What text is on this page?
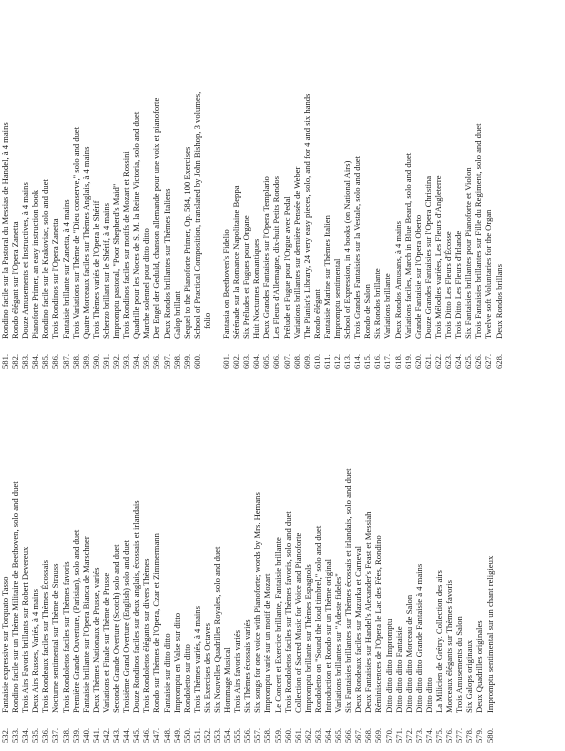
532.
Fantaisie expressive sur Torquato Tasso
533.
Rondino facile sur un Thème Militaire de Beethoven, solo and duet
534.
Trois Airs Favoris brillants sur Robert Devereux
535.
Deux Airs Russes, Variés, à 4 mains
536.
Trois Rondeaux faciles sur Thèmes Écossais
537.
Nocturne sentimental sur Thème de Strauss
538.
Trois Rondoletos faciles sur Thèmes favoris
539.
Première Grande Ouverture, (Parisian), solo and duet
540.
Fantaisie brillante sur l'Opera Bianca de Marschner
541.
Deux Thèmes Nationaux de Prusse, variés
542.
Variations et Finale sur Thème de Prusse
543.
Seconde Grande Overture (Scotch) solo and duet
544.
Troisième Grand Overture (English) solo and duet
545.
Douze Rondinos faciles sur deux anglais, écossais et irlandais
546.
Trois Rondoletos élégants sur divers Thèmes
547.
Rondo sur Thèmes de l'Opera, Czar et Zimmermann
548.
Fantaisie sur ditto ditto
549.
Impromptu en Valse sur ditto
550.
Rondoletto sur ditto
551.
Trois Thèmes variés, à 4 mains
552.
Six Exercises des Octaves
553.
Six Nouvelles Quadrilles Royales, solo and duet
554.
Hommage Musical
555.
Trois Airs favoris variés
556.
Six Thèmes écossais variés
557.
Six songs for one voice with Pianoforte; words by Mrs. Hemans
558.
Impromptu varié sur un motif de Mozart
559.
Le Concert et Exercice brillante, Fantaisie brillante
560.
Trois Rondoletos faciles sur Thèmes favoris, solo and duet
561.
Collection of Sacred Music for Voice and Pianoforte
562.
Impromptu brillante sur Thèmes Espagnols
563.
Rondoletto on "Sound the loud timbrel," solo and duet
564.
Introduction et Rondo sur un Thème original
565.
Variations brillantes sur "Adeste fideles"
566.
Six Fantaisies brillantes sur Thèmes écossais et irlandais, solo and duet
567.
Deux Rondeaux faciles sur Mazurka et Carneval
568.
Deux Fantaisies sur Handel's Alexander's Feast et Messiah
569.
Réminiscences de l'Opera le Lac des Fées, Rondino
570.
Ditto ditto ditto Impromptu
571.
Ditto ditto ditto Fantaisie
572.
Ditto ditto ditto Morceau de Salon
573.
Ditto ditto ditto Grande Fantaisie à 4 mains
574.
Ditto ditto
575.
La Milicien de Grétry. Collection des airs
576.
Morceaux élégants sur Thèmes favoris
577.
Trois Amusements du Salon
578.
Six Galops originaux
579.
Deux Quadrilles originales
580.
Impromptu sentimental sur un chant religieux
581.
Rondino facile sur la Pastoral du Messias de Handel, à 4 mains
582.
Rondo élégant sur l'Opera Zanetta
583.
Douze Amusements et Instructives, à 4 mains
584.
Pianoforte Primer, an easy instruction book
585.
Rondino facile sur le Krakoviac, solo and duet
586.
Trois Rondinos sur l'Opera Zanetta
587.
Fantaisie brillante sur Zanetta, à 4 mains
588.
Trois Variations sur Thème de "Dieu conserve," solo and duet
589.
Quatre Morceaux faciles sur Thèmes Anglais, à 4 mains
590.
Trois Thèmes variés de l'Opera le Shérif
591.
Scherzo brillant sur le Shérif, à 4 mains
592.
Impromptu pastoral, "Poor Shepherd's Maid"
593.
Trois Rondinos faciles sur motifs de Mozart et Rossini
594.
Quadrille pour les Noces de S. M. la Reine Victoria, solo and duet
595.
Marche solennel pour ditto ditto
596.
Der Engel der Geduld, chanson allemande pour une voix et pianoforte
597.
Deux Rondos brillantes sur Thèmes Italiens
598.
Galop brillant
599.
Sequel to the Pianoforte Primer, Op. 584, 100 Exercises
600.
School of Practical Composition, translated by John Bishop, 3 volumes, folio
601.
Fantasia on Beethoven's Fidelio
602.
Sérénade sur la Romance Napolitaine Beppa
603.
Six Préludes et Fugues pour Organe
604.
Huit Nocturnes Romantiques
605.
Deux Grandes Fantaisies sur l'Opera Templario
606.
Les Fleurs d'Allemagne, dix-huit Petits Rondos
607.
Prélude et Fugue pour l'Orgue avec Pedal
608.
Variations brillantes sur dernière Pensée de Weber
609.
The Pianist's Library, 24 very easy pieces, solo, and for 4 and six hands
610.
Rondo élégant
611.
Fantaisie Marine sur Thèmes Italien
612.
Impromptu sentimental
613.
School of Expression, in 4 books (on National Airs)
614.
Trois Grandes Fantaisies sur la Vestale, solo and duet
615.
Rondo de Salon
616.
Six Rondos brillante
617.
Variations brillante
618.
Deux Rondos Amusans, à 4 mains
619.
Variations faciles, March in Blue Beard, solo and duet
620.
Grande Fantaisie sur l'Opera Oberto
621.
Douze Grandes Fantaisies sur l'Opera Christina
622.
Trois Mélodies variées, Les Fleurs d'Angleterre
623.
Trois Ditto Les Fleurs d'Écosse
624.
Trois Ditto Les Fleurs d'Irlande
625.
Six Fantaisies brillantes pour Pianoforte et Violon
626.
Trois Fantaisies brillantes sur Fille du Regiment, solo and duet
627.
Twelve soft Voluntaries for the Organ
628.
Deux Rondos brillans
